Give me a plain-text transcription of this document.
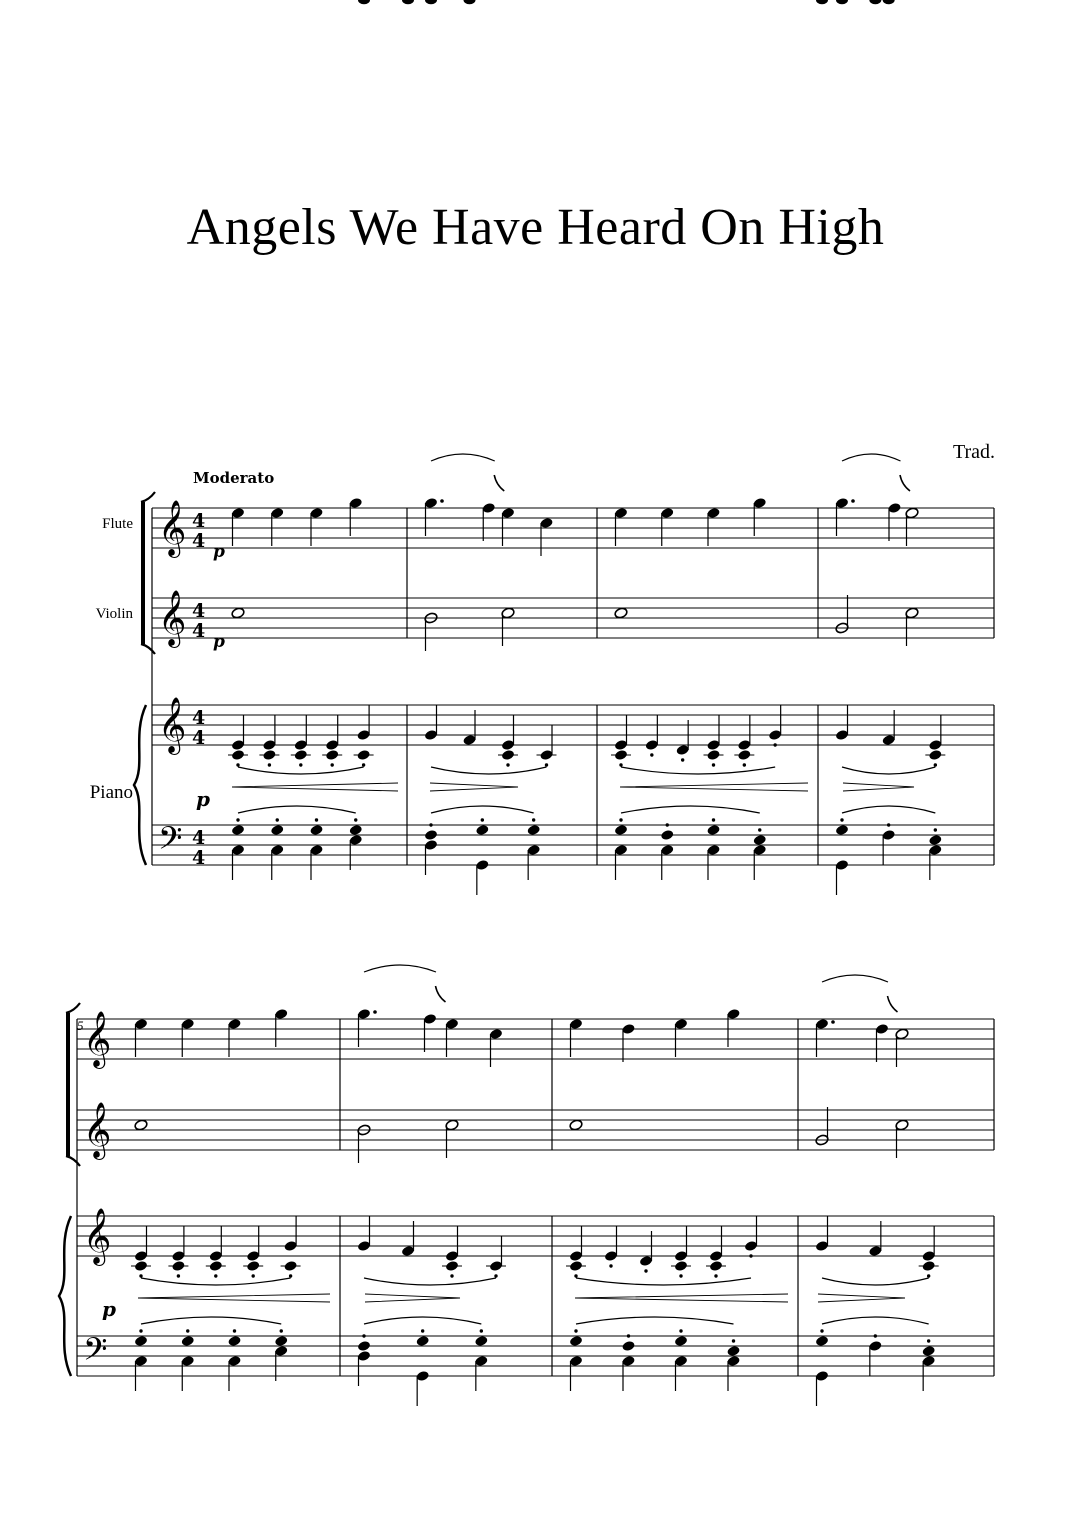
Angels We Have Heard On High
Trad.
Moderato
Flute
Violin
Piano
5
𝄞
𝄞
𝄞
𝄢
4
4
4
4
4
4
4
4
p
p
p
𝄞
𝄞
𝄞
𝄢
p
